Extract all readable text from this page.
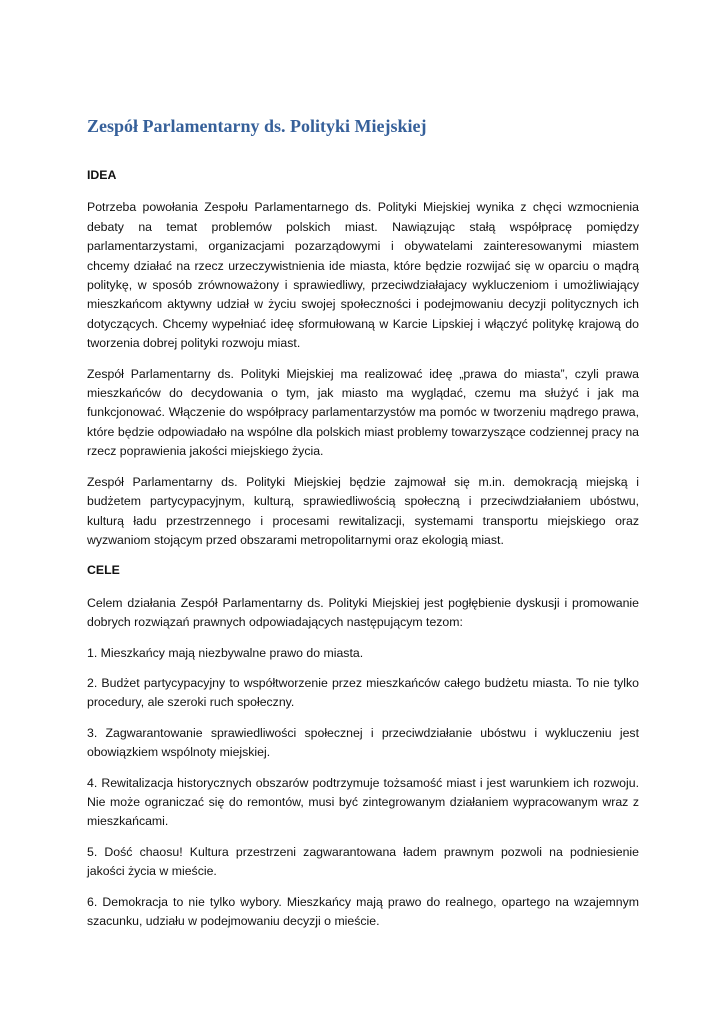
Zespół Parlamentarny ds. Polityki Miejskiej
IDEA

Potrzeba powołania Zespołu Parlamentarnego ds. Polityki Miejskiej wynika z chęci wzmocnienia debaty na temat problemów polskich miast. Nawiązując stałą współpracę pomiędzy parlamentarzystami, organizacjami pozarządowymi i obywatelami zainteresowanymi miastem chcemy działać na rzecz urzeczywistnienia ide miasta, które będzie rozwijać się w oparciu o mądrą politykę, w sposób zrównoważony i sprawiedliwy, przeciwdziałajacy wykluczeniom i umożliwiający mieszkańcom aktywny udział w życiu swojej społeczności i podejmowaniu decyzji politycznych ich dotyczących. Chcemy wypełniać ideę sformułowaną w Karcie Lipskiej i włączyć politykę krajową do tworzenia dobrej polityki rozwoju miast.

Zespół Parlamentarny ds. Polityki Miejskiej ma realizować ideę „prawa do miasta”, czyli prawa mieszkańców do decydowania o tym, jak miasto ma wyglądać, czemu ma służyć i jak ma funkcjonować. Włączenie do współpracy parlamentarzystów ma pomóc w tworzeniu mądrego prawa, które będzie odpowiadało na wspólne dla polskich miast problemy towarzyszące codziennej pracy na rzecz poprawienia jakości miejskiego życia.

Zespół Parlamentarny ds. Polityki Miejskiej będzie zajmował się m.in. demokracją miejską i budżetem partycypacyjnym, kulturą, sprawiedliwością społeczną i przeciwdziałaniem ubóstwu, kulturą ładu przestrzennego i procesami rewitalizacji, systemami transportu miejskiego oraz wyzwaniom stojącym przed obszarami metropolitarnymi oraz ekologią miast.

CELE

Celem działania Zespół Parlamentarny ds. Polityki Miejskiej jest pogłębienie dyskusji i promowanie dobrych rozwiązań prawnych odpowiadających następującym tezom:

1. Mieszkańcy mają niezbywalne prawo do miasta.

2. Budżet partycypacyjny to współtworzenie przez mieszkańców całego budżetu miasta. To nie tylko procedury, ale szeroki ruch społeczny.

3. Zagwarantowanie sprawiedliwości społecznej i przeciwdziałanie ubóstwu i wykluczeniu jest obowiązkiem wspólnoty miejskiej.

4. Rewitalizacja historycznych obszarów podtrzymuje tożsamość miast i jest warunkiem ich rozwoju. Nie może ograniczać się do remontów, musi być zintegrowanym działaniem wypracowanym wraz z mieszkańcami.

5. Dość chaosu! Kultura przestrzeni zagwarantowana ładem prawnym pozwoli na podniesienie jakości życia w mieście.

6. Demokracja to nie tylko wybory. Mieszkańcy mają prawo do realnego, opartego na wzajemnym szacunku, udziału w podejmowaniu decyzji o mieście.
